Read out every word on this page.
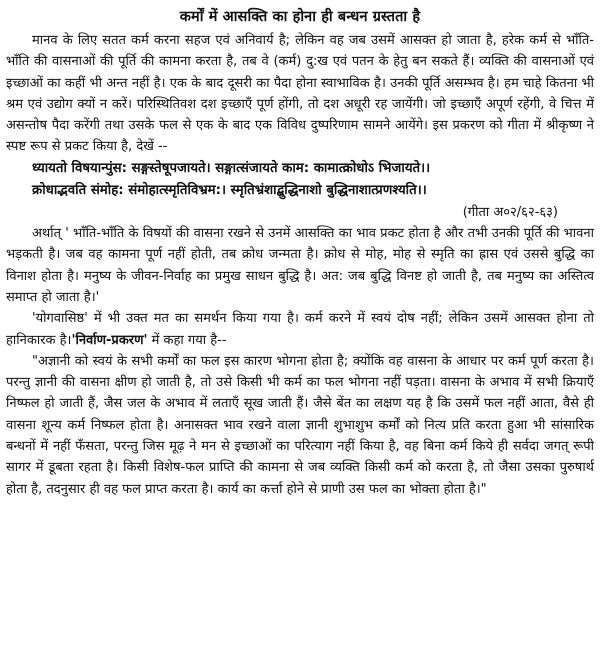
कर्मों में आसक्ति का होना ही बन्धन ग्रस्तता है

मानव के लिए सतत कर्म करना सहज एवं अनिवार्य है; लेकिन वह जब उसमें आसक्त हो जाता है, हरेक कर्म से भाँति- भाँति की वासनाओं की पूर्ति की कामना करता है, तब वे (कर्म) दु:ख एवं पतन के हेतु बन सकते हैं। व्यक्ति की वासनाओं एवं इच्छाओं का कहीं भी अन्त नहीं है। एक के बाद दूसरी का पैदा होना स्वाभाविक है। उनकी पूर्ति असम्भव है। हम चाहे कितना भी श्रम एवं उद्योग क्यों न करें। परिस्थितिवश दश इच्छाएँ पूर्ण होंगी, तो दश अधूरी रह जायेंगी। जो इच्छाएँ अपूर्ण रहेंगी, वे चित्त में असन्तोष पैदा करेंगी तथा उसके फल से एक के बाद एक विविध दुष्परिणाम सामने आयेंगे। इस प्रकरण को गीता में श्रीकृष्ण ने स्पष्ट रूप से प्रकट किया है, देखें --

ध्यायतो विषयान्पुंस: सङ्गस्तेषूपजायते। सङ्गात्संजायते काम: कामात्क्रोधोऽ भिजायते।।
क्रोधाद्भवति संमोह: संमोहात्स्मृतिविभ्रम:। स्मृतिभ्रंशाद्बुद्धिनाशो बुद्धिनाशात्प्रणश्यति।।
(गीता अ०२/६२-६३)

अर्थात् ' भाँति-भाँति के विषयों की वासना रखने से उनमें आसक्ति का भाव प्रकट होता है और तभी उनकी पूर्ति की भावना भड़कती है। जब वह कामना पूर्ण नहीं होती, तब क्रोध जन्मता है। क्रोध से मोह, मोह से स्मृति का ह्रास एवं उससे बुद्धि का विनाश होता है। मनुष्य के जीवन-निर्वाह का प्रमुख साधन बुद्धि है। अत: जब बुद्धि विनष्ट हो जाती है, तब मनुष्य का अस्तित्व समाप्त हो जाता है।'

'योगवासिष्ठ' में भी उक्त मत का समर्थन किया गया है। कर्म करने में स्वयं दोष नहीं; लेकिन उसमें आसक्त होना तो हानिकारक है।'निर्वाण-प्रकरण' में कहा गया है--

"अज्ञानी को स्वयं के सभी कर्मों का फल इस कारण भोगना होता है; क्योंकि वह वासना के आधार पर कर्म पूर्ण करता है। परन्तु ज्ञानी की वासना क्षीण हो जाती है, तो उसे किसी भी कर्म का फल भोगना नहीं पड़ता। वासना के अभाव में सभी क्रियाएँ निष्फल हो जाती हैं, जैस जल के अभाव में लताएँ सूख जाती हैं। जैसे बेंत का लक्षण यह है कि उसमें फल नहीं आता, वैसे ही वासना शून्य कर्म निष्फल होता है। अनासक्त भाव रखने वाला ज्ञानी शुभाशुभ कर्मों को नित्य प्रति करता हुआ भी सांसारिक बन्धनों में नहीं फँसता, परन्तु जिस मूढ़ ने मन से इच्छाओं का परित्याग नहीं किया है, वह बिना कर्म किये ही सर्वदा जगत् रूपी सागर में डूबता रहता है। किसी विशेष-फल प्राप्ति की कामना से जब व्यक्ति किसी कर्म को करता है, तो जैसा उसका पुरुषार्थ होता है, तदनुसार ही वह फल प्राप्त करता है। कार्य का कर्त्ता होने से प्राणी उस फल का भोक्ता होता है।"
